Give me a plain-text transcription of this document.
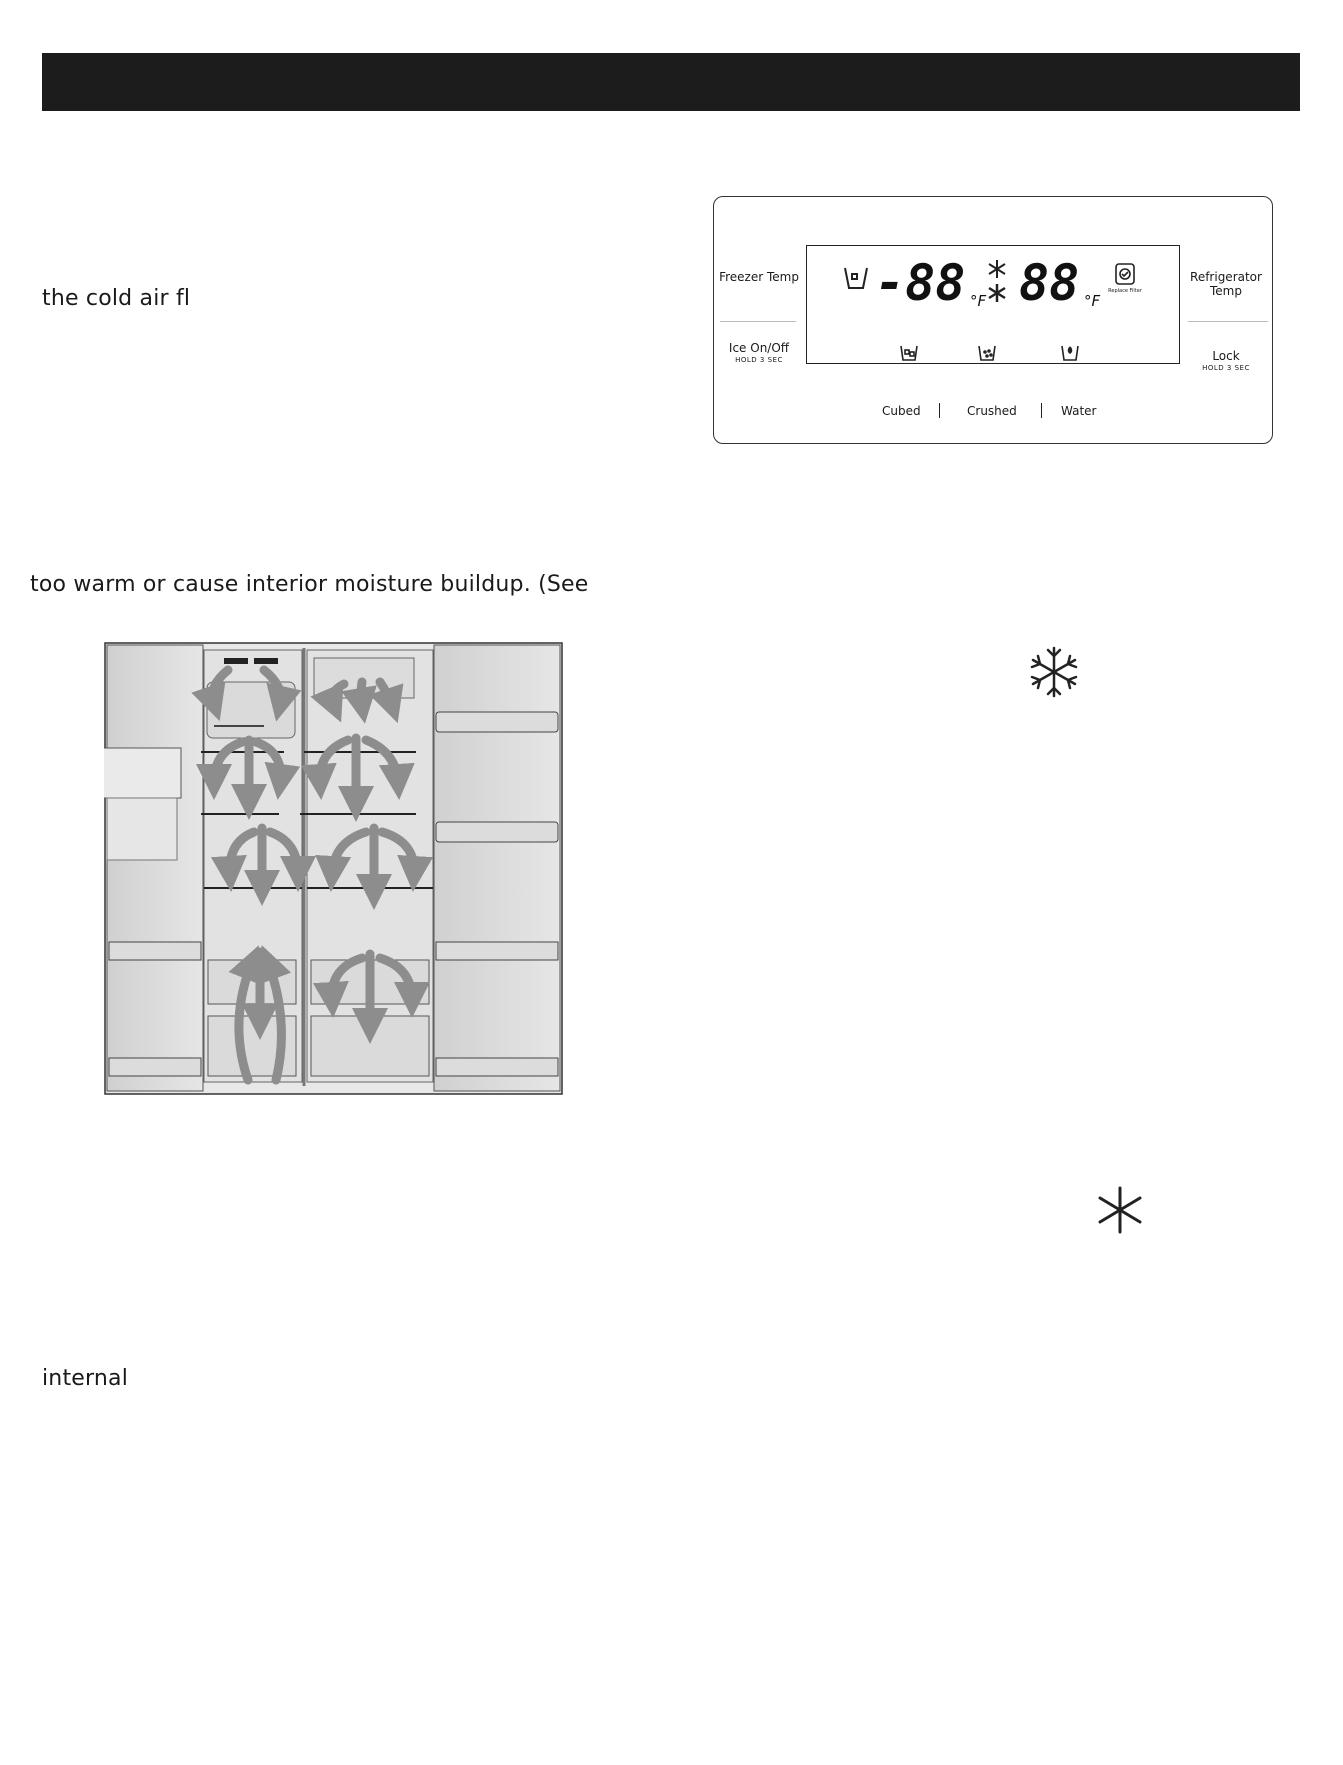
the cold air fl
too warm or cause interior moisture buildup. (See
internal
Freezer Temp
Ice On/Off
HOLD 3 SEC
Refrigerator Temp
Lock
HOLD 3 SEC
-88 °F 88 °F
Replace Filter
Cubed	Crushed	Water
